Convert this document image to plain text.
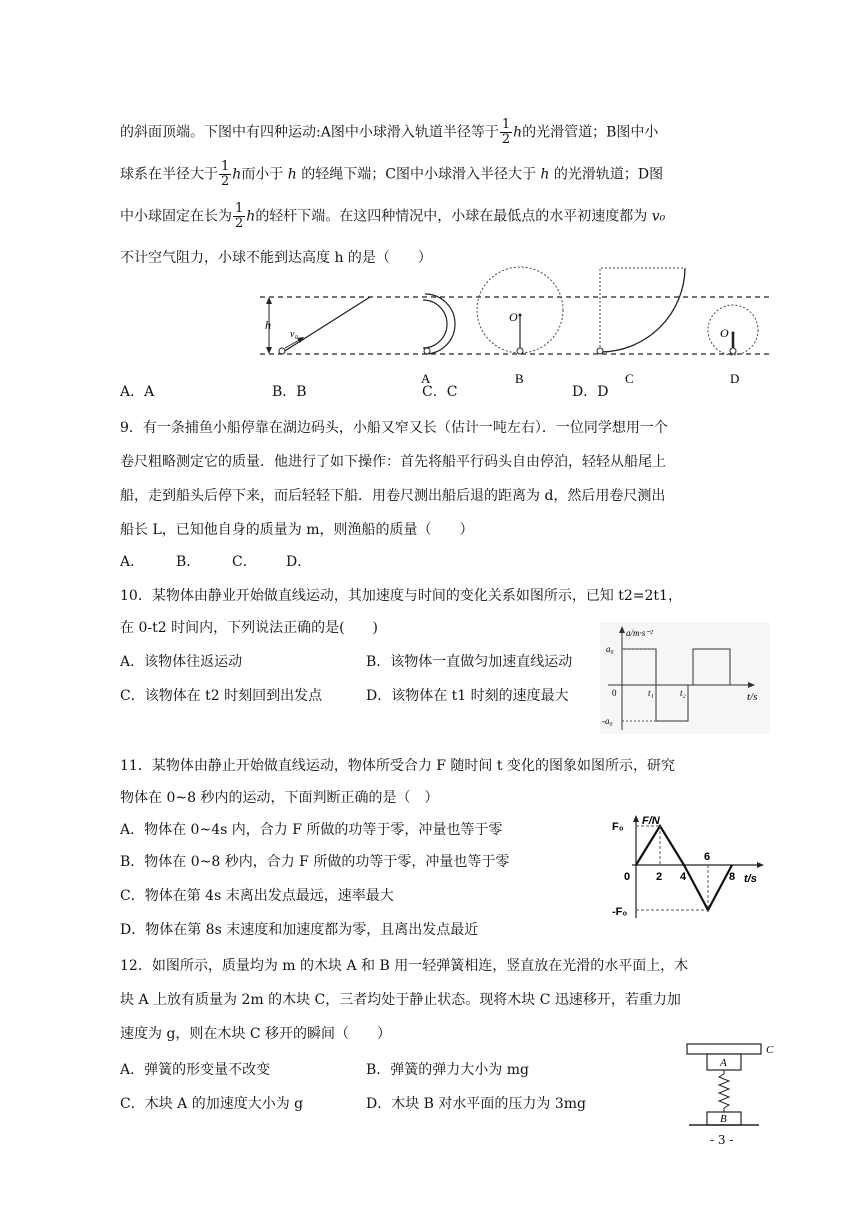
的斜面顶端。下图中有四种运动:A图中小球滑入轨道半径等于 $\frac{1}{2}$ h的光滑管道；B图中小
球系在半径大于 $\frac{1}{2}$ h而小于 h 的轻绳下端；C图中小球滑入半径大于 h 的光滑轨道；D图
中小球固定在长为 $\frac{1}{2}$ h的轻杆下端。在这四种情况中，小球在最低点的水平初速度都为 v₀
不计空气阻力，小球不能到达高度 h 的是（　　）
h
v₀
A
O
B	C
O
D
A．A	B．B	C．C	D．D
9．有一条捕鱼小船停靠在湖边码头，小船又窄又长（估计一吨左右）．一位同学想用一个
卷尺粗略测定它的质量．他进行了如下操作：首先将船平行码头自由停泊，轻轻从船尾上
船，走到船头后停下来，而后轻轻下船．用卷尺测出船后退的距离为 d，然后用卷尺测出
船长 L，已知他自身的质量为 m，则渔船的质量（　　）
A． B． C． D．
10．某物体由静业开始做直线运动，其加速度与时间的变化关系如图所示，已知 t2=2t1，
在 0-t2 时间内，下列说法正确的是(　　)
A．该物体往返运动	B．该物体一直做匀加速直线运动
C．该物体在 t2 时刻回到出发点	D．该物体在 t1 时刻的速度最大
a/m·s⁻²
a₀
-a₀
0	t₁	t₂	t/s
11．某物体由静止开始做直线运动，物体所受合力 F 随时间 t 变化的图象如图所示，研究
物体在 0~8 秒内的运动，下面判断正确的是（　）
A．物体在 0~4s 内，合力 F 所做的功等于零，冲量也等于零
B．物体在 0~8 秒内，合力 F 所做的功等于零，冲量也等于零
C．物体在第 4s 末离出发点最远，速率最大
D．物体在第 8s 末速度和加速度都为零，且离出发点最近
F₀
-F₀
F/N
t/s
0 2 4
6
8
12．如图所示，质量均为 m 的木块 A 和 B 用一轻弹簧相连，竖直放在光滑的水平面上，木
块 A 上放有质量为 2m 的木块 C，三者均处于静止状态。现将木块 C 迅速移开，若重力加
速度为 g，则在木块 C 移开的瞬间（　　）
A．弹簧的形变量不改变	B．弹簧的弹力大小为 mg
C．木块 A 的加速度大小为 g	D．木块 B 对水平面的压力为 3mg
C
A
B
- 3 -
